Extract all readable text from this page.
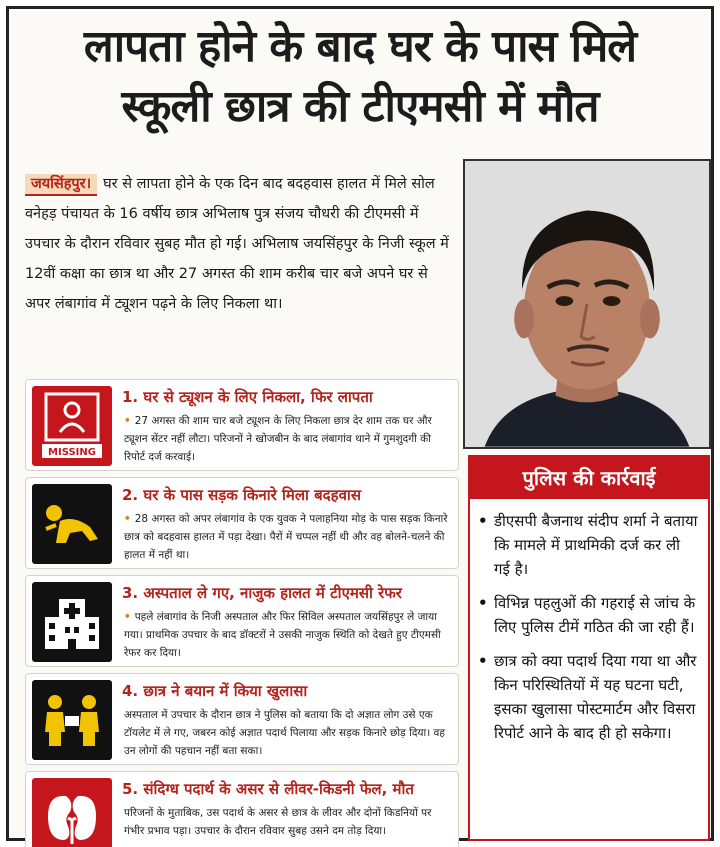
लापता होने के बाद घर के पास मिले
स्कूली छात्र की टीएमसी में मौत
जयसिंहपुर। घर से लापता होने के एक दिन बाद बदहवास हालत में मिले सोल वनेहड़ पंचायत के 16 वर्षीय छात्र अभिलाष पुत्र संजय चौधरी की टीएमसी में उपचार के दौरान रविवार सुबह मौत हो गई। अभिलाष जयसिंहपुर के निजी स्कूल में 12वीं कक्षा का छात्र था और 27 अगस्त की शाम करीब चार बजे अपने घर से अपर लंबागांव में ट्यूशन पढ़ने के लिए निकला था।
MISSING
1. घर से ट्यूशन के लिए निकला, फिर लापता
• 27 अगस्त की शाम चार बजे ट्यूशन के लिए निकला छात्र देर शाम तक घर और ट्यूशन सेंटर नहीं लौटा। परिजनों ने खोजबीन के बाद लंबागांव थाने में गुमशुदगी की रिपोर्ट दर्ज करवाई।
2. घर के पास सड़क किनारे मिला बदहवास
• 28 अगस्त को अपर लंबागांव के एक युवक ने पलाहनिया मोड़ के पास सड़क किनारे छात्र को बदहवास हालत में पड़ा देखा। पैरों में चप्पल नहीं थी और वह बोलने-चलने की हालत में नहीं था।
3. अस्पताल ले गए, नाजुक हालत में टीएमसी रेफर
• पहले लंबागांव के निजी अस्पताल और फिर सिविल अस्पताल जयसिंहपुर ले जाया गया। प्राथमिक उपचार के बाद डॉक्टरों ने उसकी नाजुक स्थिति को देखते हुए टीएमसी रेफर कर दिया।
4. छात्र ने बयान में किया खुलासा
अस्पताल में उपचार के दौरान छात्र ने पुलिस को बताया कि दो अज्ञात लोग उसे एक टॉयलेट में ले गए, जबरन कोई अज्ञात पदार्थ पिलाया और सड़क किनारे छोड़ दिया। वह उन लोगों की पहचान नहीं बता सका।
5. संदिग्ध पदार्थ के असर से लीवर-किडनी फेल, मौत
परिजनों के मुताबिक, उस पदार्थ के असर से छात्र के लीवर और दोनों किडनियों पर गंभीर प्रभाव पड़ा। उपचार के दौरान रविवार सुबह उसने दम तोड़ दिया।
पुलिस की कार्रवाई
• डीएसपी बैजनाथ संदीप शर्मा ने बताया कि मामले में प्राथमिकी दर्ज कर ली गई है।
• विभिन्न पहलुओं की गहराई से जांच के लिए पुलिस टीमें गठित की जा रही हैं।
• छात्र को क्या पदार्थ दिया गया था और किन परिस्थितियों में यह घटना घटी, इसका खुलासा पोस्टमार्टम और विसरा रिपोर्ट आने के बाद ही हो सकेगा।
